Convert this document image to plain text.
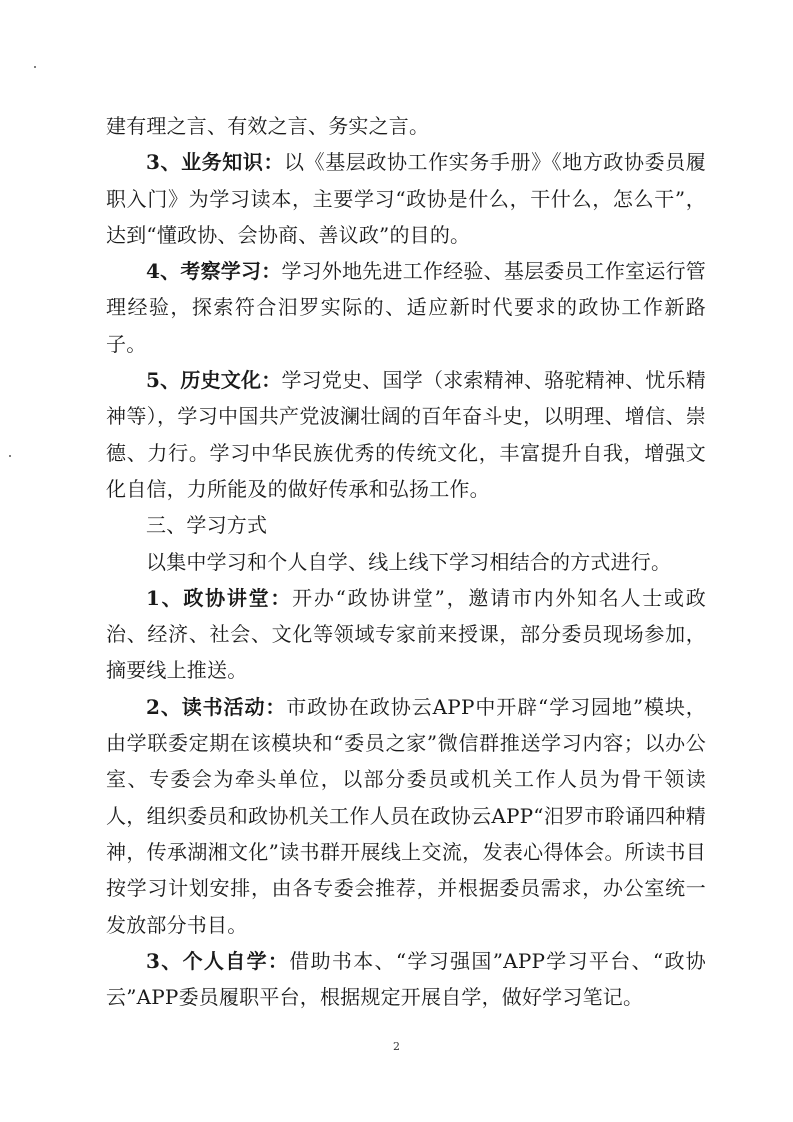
建有理之言、有效之言、务实之言。

3、业务知识：以《基层政协工作实务手册》《地方政协委员履职入门》为学习读本，主要学习“政协是什么，干什么，怎么干”，达到“懂政协、会协商、善议政”的目的。

4、考察学习：学习外地先进工作经验、基层委员工作室运行管理经验，探索符合汨罗实际的、适应新时代要求的政协工作新路子。

5、历史文化：学习党史、国学（求索精神、骆驼精神、忧乐精神等），学习中国共产党波澜壮阔的百年奋斗史，以明理、增信、崇德、力行。学习中华民族优秀的传统文化，丰富提升自我，增强文化自信，力所能及的做好传承和弘扬工作。

三、学习方式

以集中学习和个人自学、线上线下学习相结合的方式进行。

1、政协讲堂：开办“政协讲堂”，邀请市内外知名人士或政治、经济、社会、文化等领域专家前来授课，部分委员现场参加，摘要线上推送。

2、读书活动：市政协在政协云APP中开辟“学习园地”模块，由学联委定期在该模块和“委员之家”微信群推送学习内容；以办公室、专委会为牵头单位，以部分委员或机关工作人员为骨干领读人，组织委员和政协机关工作人员在政协云APP“汨罗市聆诵四种精神，传承湖湘文化”读书群开展线上交流，发表心得体会。所读书目按学习计划安排，由各专委会推荐，并根据委员需求，办公室统一发放部分书目。

3、个人自学：借助书本、“学习强国”APP学习平台、“政协云”APP委员履职平台，根据规定开展自学，做好学习笔记。

2
